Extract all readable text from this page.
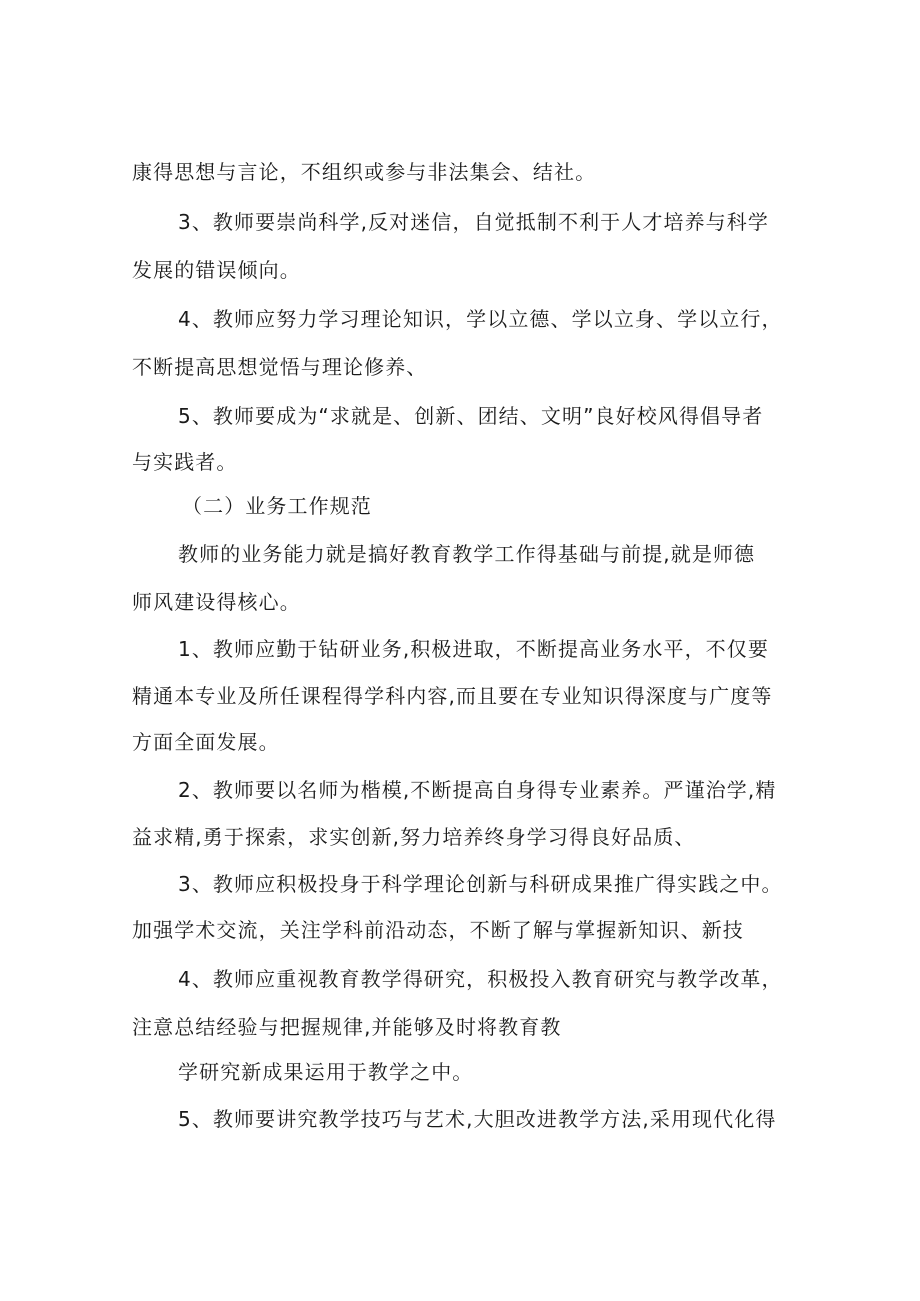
康得思想与言论，不组织或参与非法集会、结社。
3、教师要崇尚科学,反对迷信，自觉抵制不利于人才培养与科学
发展的错误倾向。
4、教师应努力学习理论知识，学以立德、学以立身、学以立行，
不断提高思想觉悟与理论修养、
5、教师要成为“求就是、创新、团结、文明”良好校风得倡导者
与实践者。
（二）业务工作规范
教师的业务能力就是搞好教育教学工作得基础与前提,就是师德
师风建设得核心。
1、教师应勤于钻研业务,积极进取，不断提高业务水平，不仅要
精通本专业及所任课程得学科内容,而且要在专业知识得深度与广度等
方面全面发展。
2、教师要以名师为楷模,不断提高自身得专业素养。严谨治学,精
益求精,勇于探索，求实创新,努力培养终身学习得良好品质、
3、教师应积极投身于科学理论创新与科研成果推广得实践之中。
加强学术交流，关注学科前沿动态，不断了解与掌握新知识、新技
4、教师应重视教育教学得研究，积极投入教育研究与教学改革，
注意总结经验与把握规律,并能够及时将教育教
学研究新成果运用于教学之中。
5、教师要讲究教学技巧与艺术,大胆改进教学方法,采用现代化得
